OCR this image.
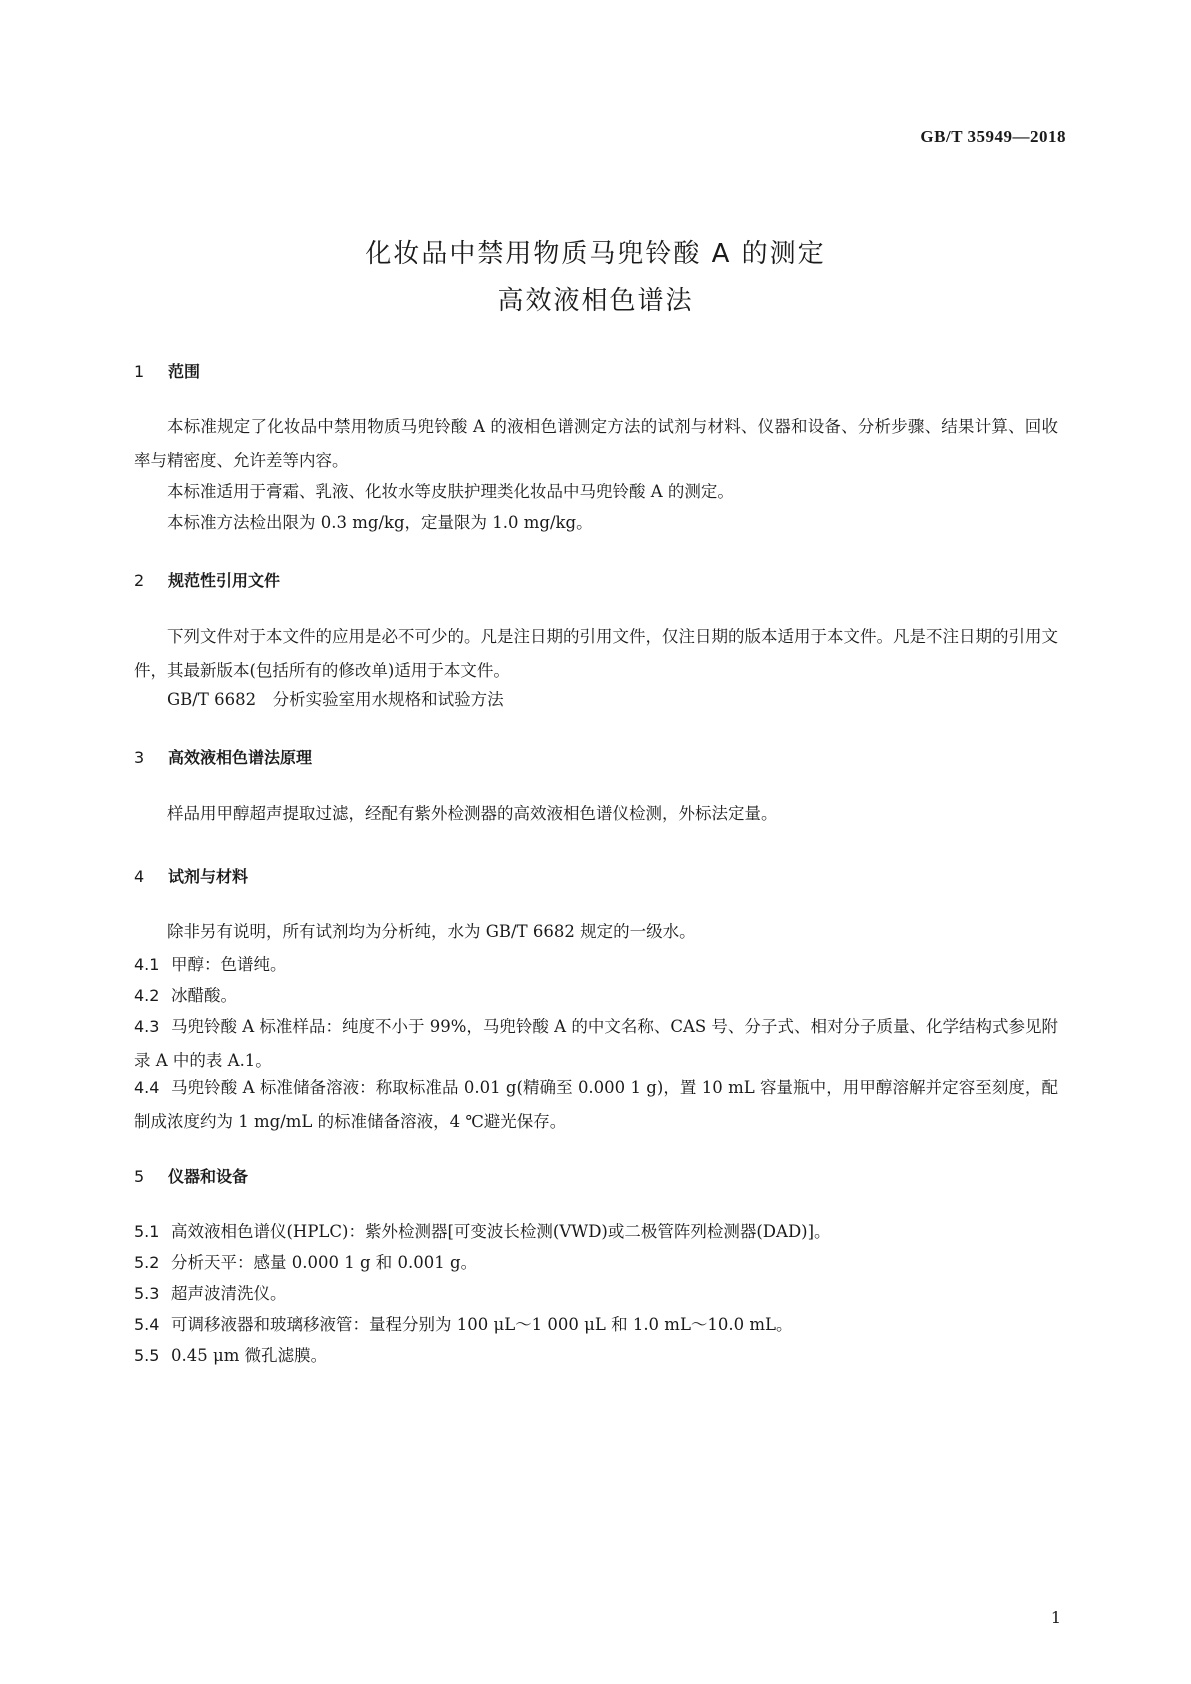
GB/T 35949—2018
化妆品中禁用物质马兜铃酸 A 的测定
高效液相色谱法
1 范围
本标准规定了化妆品中禁用物质马兜铃酸 A 的液相色谱测定方法的试剂与材料、仪器和设备、分析步骤、结果计算、回收率与精密度、允许差等内容。
本标准适用于膏霜、乳液、化妆水等皮肤护理类化妆品中马兜铃酸 A 的测定。
本标准方法检出限为 0.3 mg/kg，定量限为 1.0 mg/kg。
2 规范性引用文件
下列文件对于本文件的应用是必不可少的。凡是注日期的引用文件，仅注日期的版本适用于本文件。凡是不注日期的引用文件，其最新版本(包括所有的修改单)适用于本文件。
GB/T 6682　分析实验室用水规格和试验方法
3 高效液相色谱法原理
样品用甲醇超声提取过滤，经配有紫外检测器的高效液相色谱仪检测，外标法定量。
4 试剂与材料
除非另有说明，所有试剂均为分析纯，水为 GB/T 6682 规定的一级水。
4.1 甲醇：色谱纯。
4.2 冰醋酸。
4.3 马兜铃酸 A 标准样品：纯度不小于 99%，马兜铃酸 A 的中文名称、CAS 号、分子式、相对分子质量、化学结构式参见附录 A 中的表 A.1。
4.4 马兜铃酸 A 标准储备溶液：称取标准品 0.01 g(精确至 0.000 1 g)，置 10 mL 容量瓶中，用甲醇溶解并定容至刻度，配制成浓度约为 1 mg/mL 的标准储备溶液，4 ℃避光保存。
5 仪器和设备
5.1 高效液相色谱仪(HPLC)：紫外检测器[可变波长检测(VWD)或二极管阵列检测器(DAD)]。
5.2 分析天平：感量 0.000 1 g 和 0.001 g。
5.3 超声波清洗仪。
5.4 可调移液器和玻璃移液管：量程分别为 100 μL～1 000 μL 和 1.0 mL～10.0 mL。
5.5 0.45 μm 微孔滤膜。
1
